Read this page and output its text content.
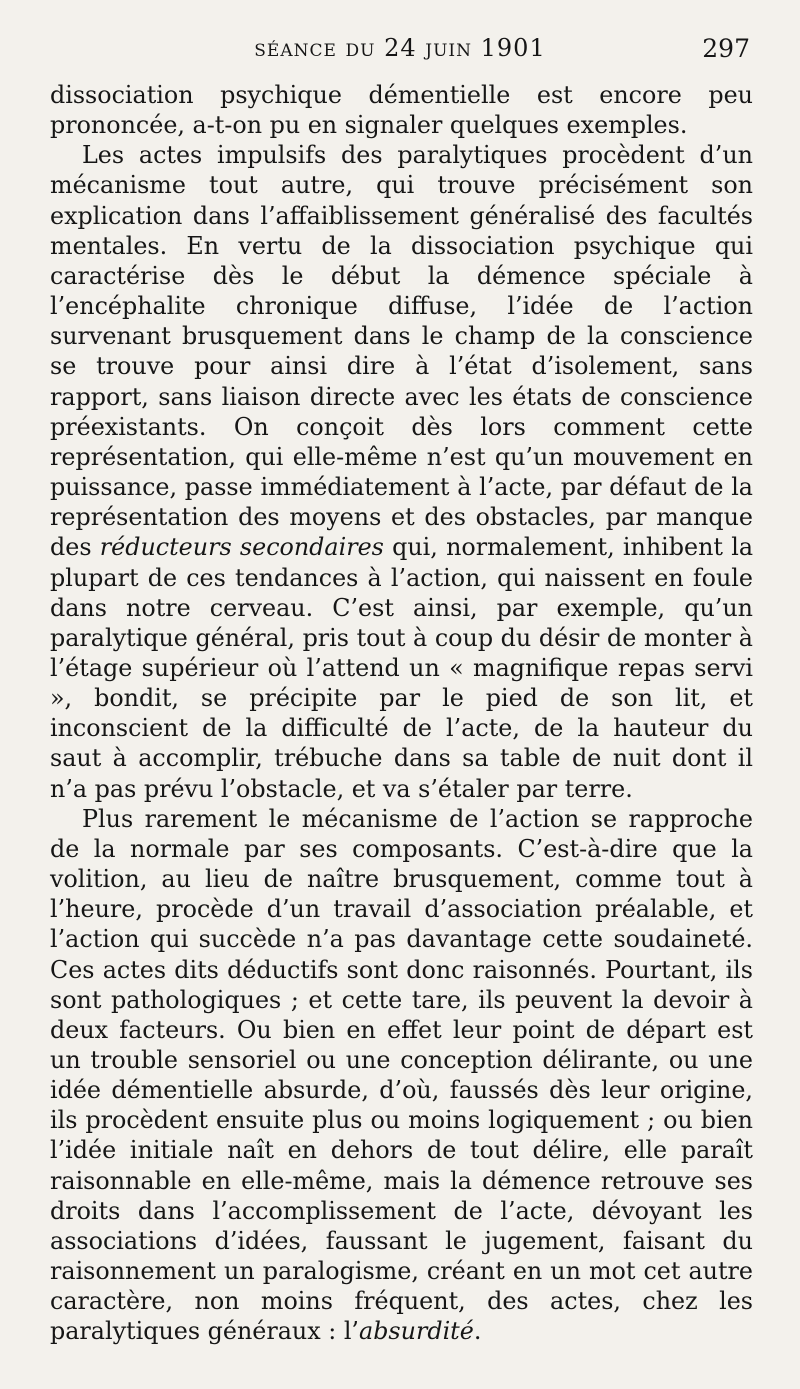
séance du 24 juin 1901	297

dissociation psychique démentielle est encore peu prononcée, a-t-on pu en signaler quelques exemples.

Les actes impulsifs des paralytiques procèdent d’un mécanisme tout autre, qui trouve précisément son explication dans l’affaiblissement généralisé des facultés mentales. En vertu de la dissociation psychique qui caractérise dès le début la démence spéciale à l’encéphalite chronique diffuse, l’idée de l’action survenant brusquement dans le champ de la conscience se trouve pour ainsi dire à l’état d’isolement, sans rapport, sans liaison directe avec les états de conscience préexistants. On conçoit dès lors comment cette représentation, qui elle-même n’est qu’un mouvement en puissance, passe immédiatement à l’acte, par défaut de la représentation des moyens et des obstacles, par manque des réducteurs secondaires qui, normalement, inhibent la plupart de ces tendances à l’action, qui naissent en foule dans notre cerveau. C’est ainsi, par exemple, qu’un paralytique général, pris tout à coup du désir de monter à l’étage supérieur où l’attend un « magnifique repas servi », bondit, se précipite par le pied de son lit, et inconscient de la difficulté de l’acte, de la hauteur du saut à accomplir, trébuche dans sa table de nuit dont il n’a pas prévu l’obstacle, et va s’étaler par terre.

Plus rarement le mécanisme de l’action se rapproche de la normale par ses composants. C’est-à-dire que la volition, au lieu de naître brusquement, comme tout à l’heure, procède d’un travail d’association préalable, et l’action qui succède n’a pas davantage cette soudaineté. Ces actes dits déductifs sont donc raisonnés. Pourtant, ils sont pathologiques ; et cette tare, ils peuvent la devoir à deux facteurs. Ou bien en effet leur point de départ est un trouble sensoriel ou une conception délirante, ou une idée démentielle absurde, d’où, faussés dès leur origine, ils procèdent ensuite plus ou moins logiquement ; ou bien l’idée initiale naît en dehors de tout délire, elle paraît raisonnable en elle-même, mais la démence retrouve ses droits dans l’accomplissement de l’acte, dévoyant les associations d’idées, faussant le jugement, faisant du raisonnement un paralogisme, créant en un mot cet autre caractère, non moins fréquent, des actes, chez les paralytiques généraux : l’absurdité.
